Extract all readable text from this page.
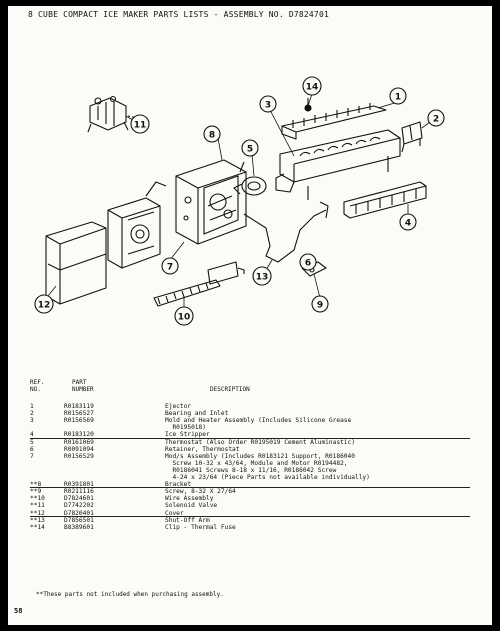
8 CUBE COMPACT ICE MAKER PARTS LISTS - ASSEMBLY NO. D7824701
1
2
3
4
5
6
7
8
9
10
11
12
13
14
REF.
NO.
PART
NUMBER	DESCRIPTION
1	R0183119	Ejector
2	R0156527	Bearing and Inlet
3	R0156569	Mold and Heater Assembly (Includes Silicone Grease
R0195018)
4	R0183120	Ice Stripper
5	R0161069	Thermostat (Also Order R0195019 Cement Aluminastic)
6	R0091094	Retainer, Thermostat
7	R0156529	Mod/s Assembly (Includes R0183121 Support, R0186040
Screw 10-32 x 43/64, Module and Motor R0194482,
R0186041 Screws 8-18 x 11/16, R0186042 Screw
4-24 x 23/64 (Piece Parts not available individually)
**8	R0391801	Bracket
**9	R0211116	Screw, 8-32 X 27/64
**10	D7824601	Wire Assembly
**11	D7742202	Solenoid Valve
**12	D7820401	Cover
**13	D7856501	Shut-Off Arm
**14	B8389601	Clip - Thermal Fuse
**These parts not included when purchasing assembly.
58
